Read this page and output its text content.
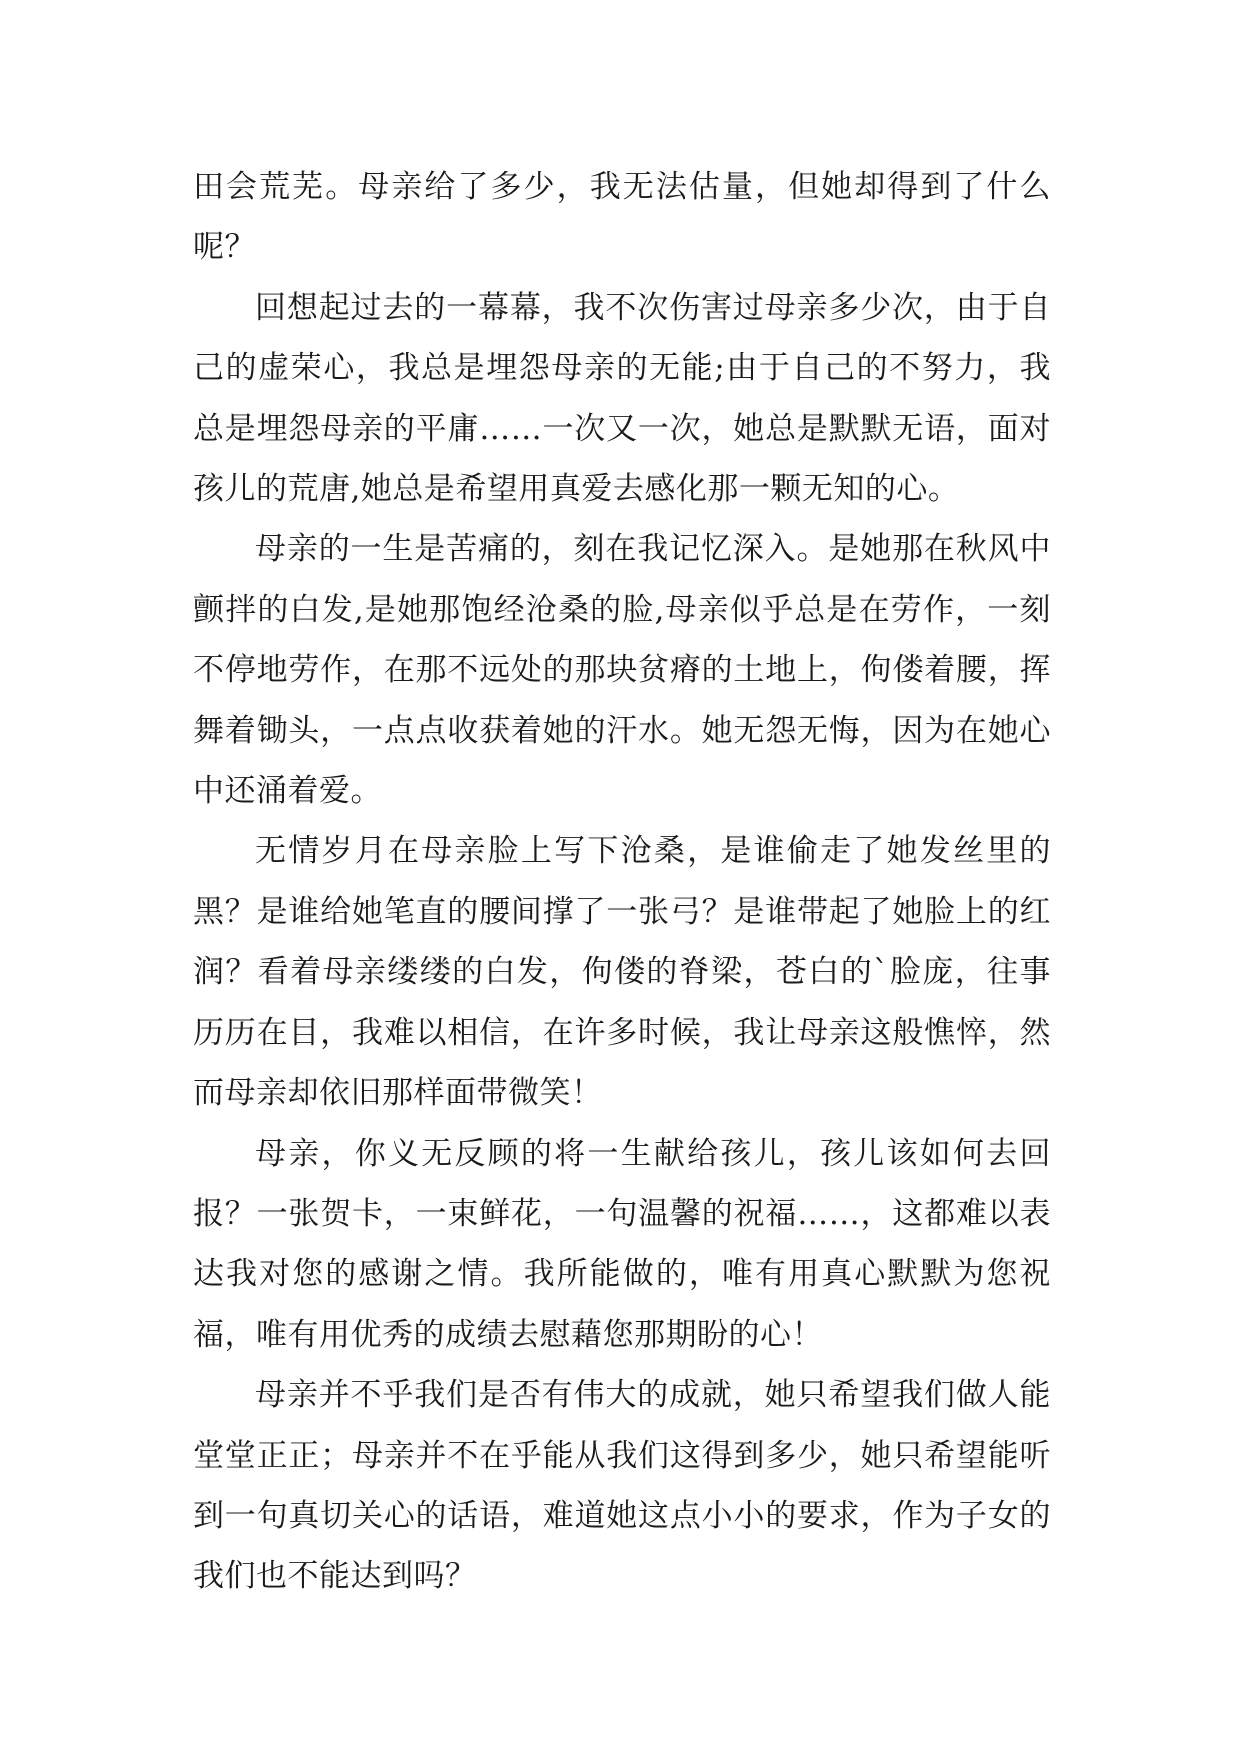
田会荒芜。母亲给了多少，我无法估量，但她却得到了什么呢？

回想起过去的一幕幕，我不次伤害过母亲多少次，由于自己的虚荣心，我总是埋怨母亲的无能;由于自己的不努力，我总是埋怨母亲的平庸……一次又一次，她总是默默无语，面对孩儿的荒唐,她总是希望用真爱去感化那一颗无知的心。

母亲的一生是苦痛的，刻在我记忆深入。是她那在秋风中颤拌的白发,是她那饱经沧桑的脸,母亲似乎总是在劳作，一刻不停地劳作，在那不远处的那块贫瘠的土地上，佝偻着腰，挥舞着锄头，一点点收获着她的汗水。她无怨无悔，因为在她心中还涌着爱。

无情岁月在母亲脸上写下沧桑，是谁偷走了她发丝里的黑？是谁给她笔直的腰间撑了一张弓？是谁带起了她脸上的红润？看着母亲缕缕的白发，佝偻的脊梁，苍白的`脸庞，往事历历在目，我难以相信，在许多时候，我让母亲这般憔悴，然而母亲却依旧那样面带微笑！

母亲，你义无反顾的将一生献给孩儿，孩儿该如何去回报？一张贺卡，一束鲜花，一句温馨的祝福……，这都难以表达我对您的感谢之情。我所能做的，唯有用真心默默为您祝福，唯有用优秀的成绩去慰藉您那期盼的心！

母亲并不乎我们是否有伟大的成就，她只希望我们做人能堂堂正正；母亲并不在乎能从我们这得到多少，她只希望能听到一句真切关心的话语，难道她这点小小的要求，作为子女的我们也不能达到吗？
